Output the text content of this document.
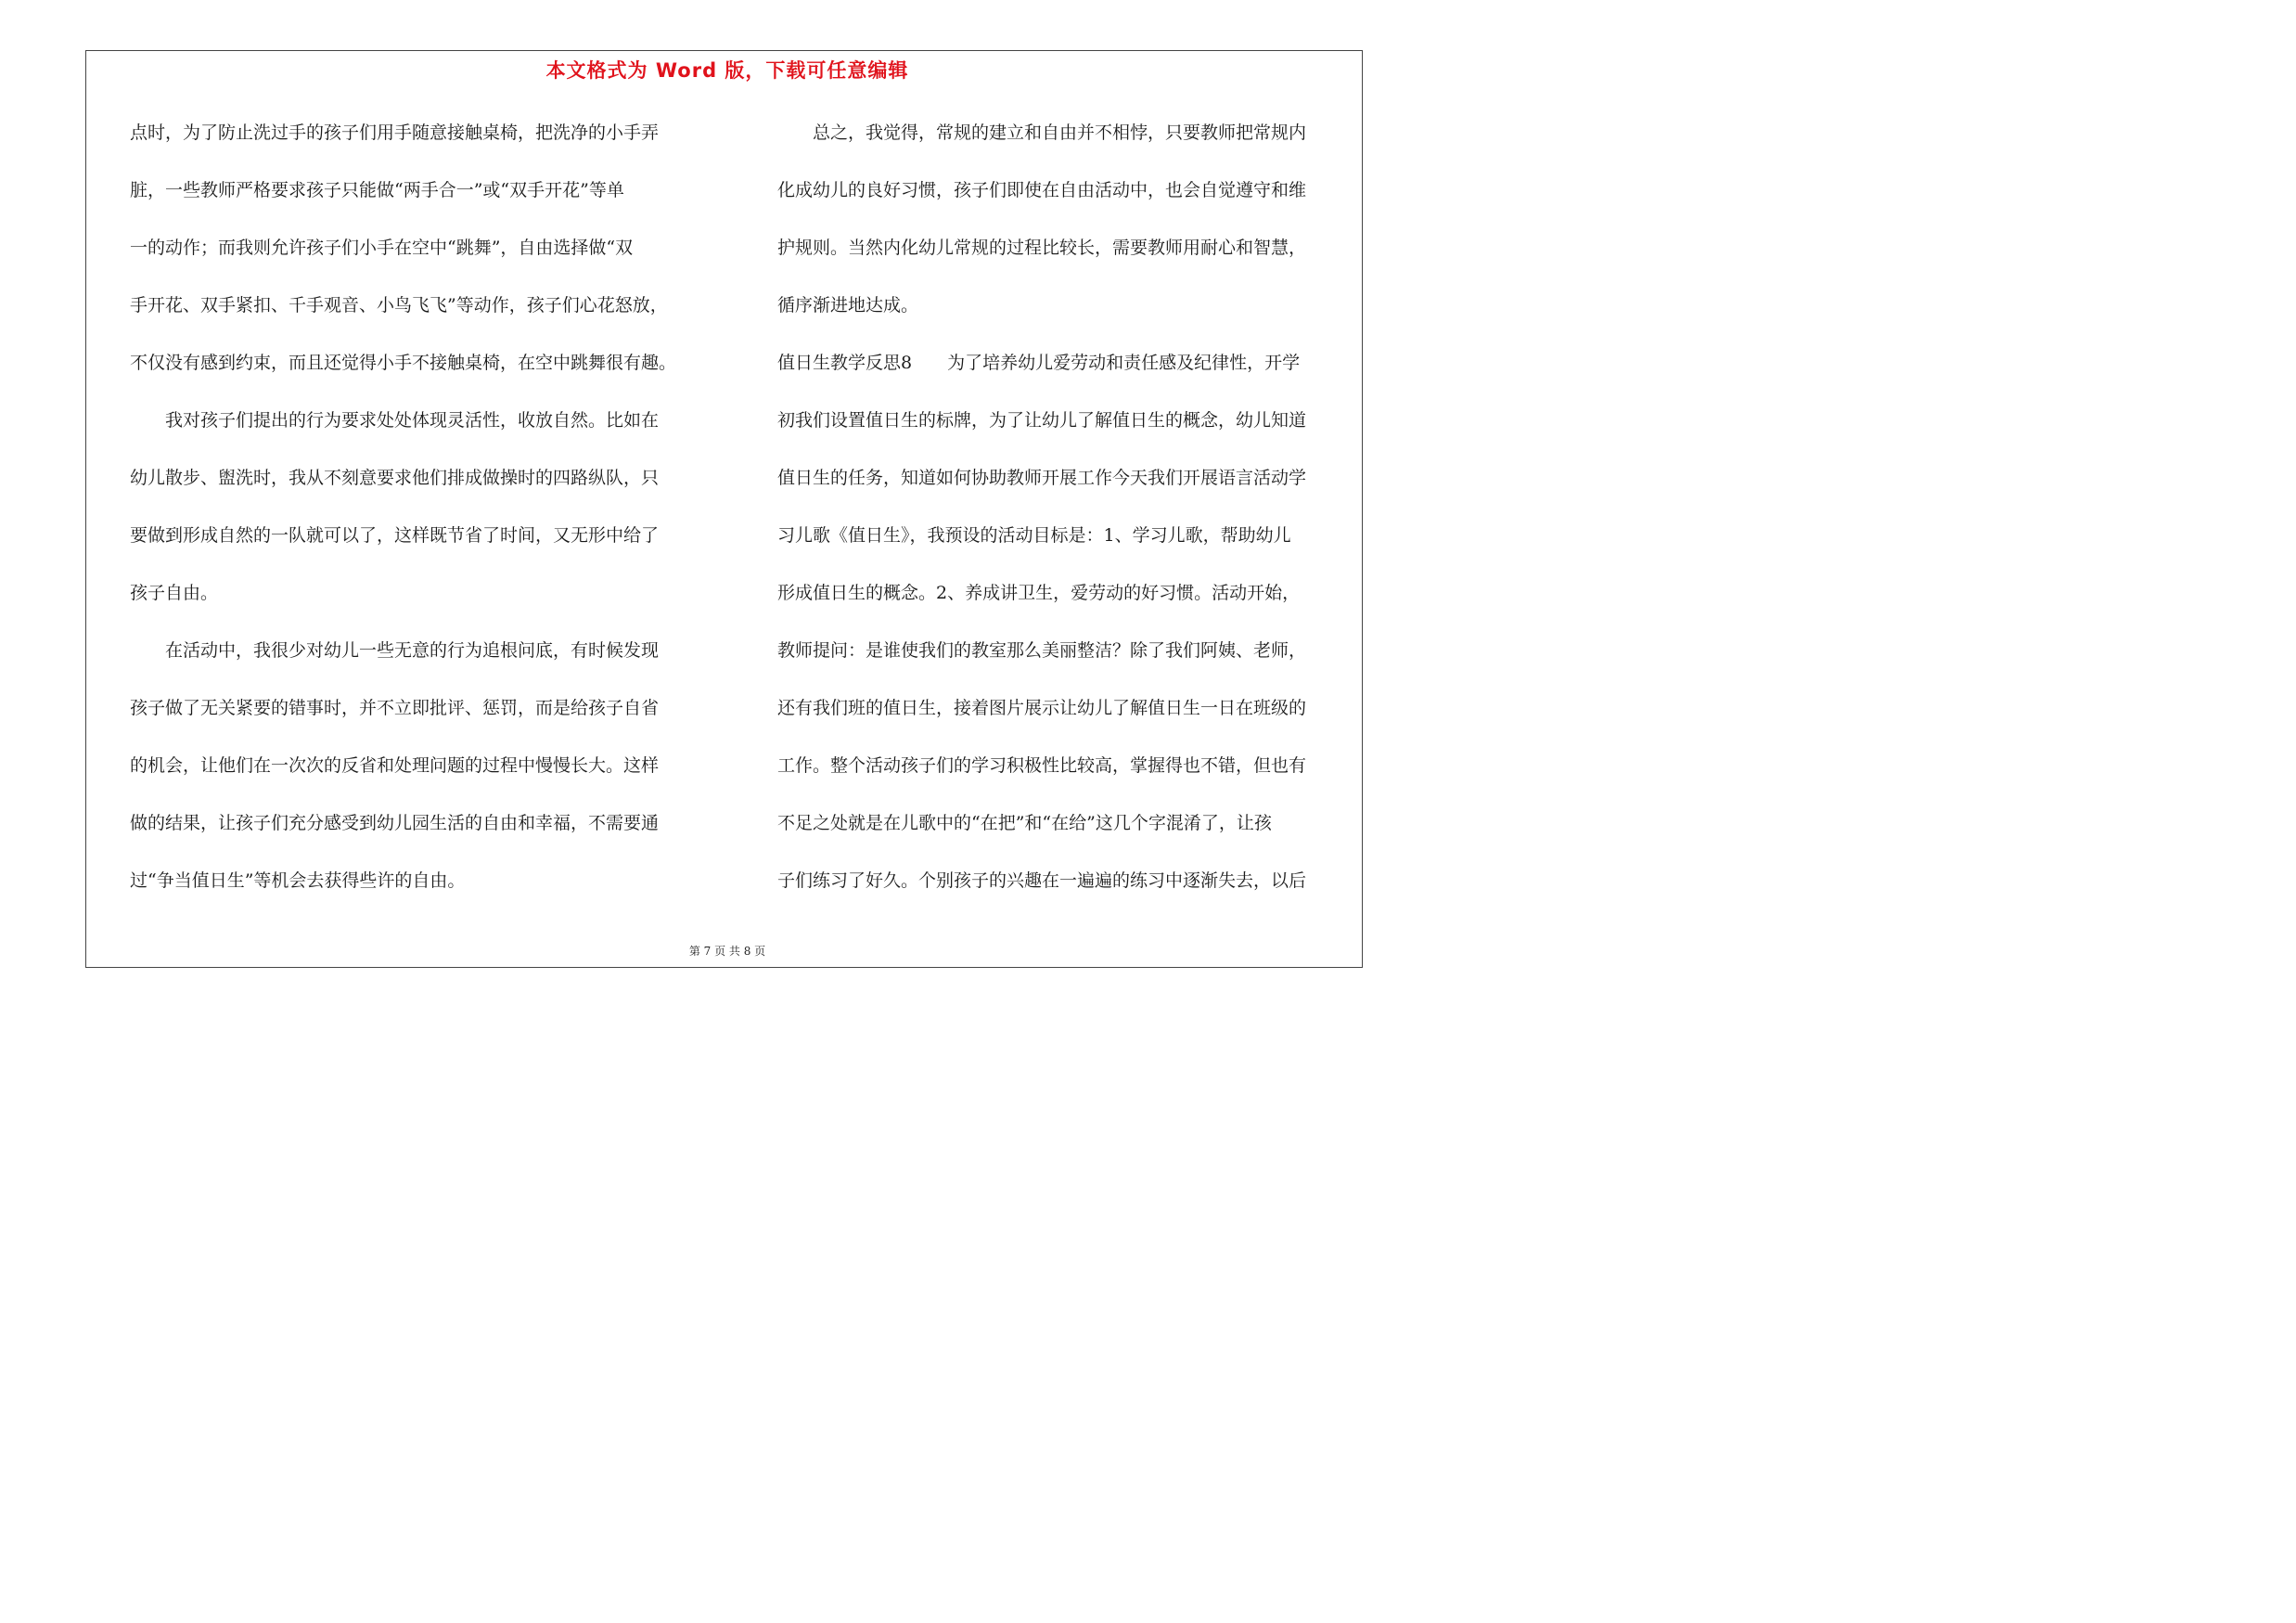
本文格式为 Word 版，下载可任意编辑
点时，为了防止洗过手的孩子们用手随意接触桌椅，把洗净的小手弄
脏，一些教师严格要求孩子只能做“两手合一”或“双手开花”等单
一的动作；而我则允许孩子们小手在空中“跳舞”，自由选择做“双
手开花、双手紧扣、千手观音、小鸟飞飞”等动作，孩子们心花怒放，
不仅没有感到约束，而且还觉得小手不接触桌椅，在空中跳舞很有趣。
　　我对孩子们提出的行为要求处处体现灵活性，收放自然。比如在
幼儿散步、盥洗时，我从不刻意要求他们排成做操时的四路纵队，只
要做到形成自然的一队就可以了，这样既节省了时间，又无形中给了
孩子自由。
　　在活动中，我很少对幼儿一些无意的行为追根问底，有时候发现
孩子做了无关紧要的错事时，并不立即批评、惩罚，而是给孩子自省
的机会，让他们在一次次的反省和处理问题的过程中慢慢长大。这样
做的结果，让孩子们充分感受到幼儿园生活的自由和幸福，不需要通
过“争当值日生”等机会去获得些许的自由。
　　总之，我觉得，常规的建立和自由并不相悖，只要教师把常规内
化成幼儿的良好习惯，孩子们即使在自由活动中，也会自觉遵守和维
护规则。当然内化幼儿常规的过程比较长，需要教师用耐心和智慧，
循序渐进地达成。
值日生教学反思8　　为了培养幼儿爱劳动和责任感及纪律性，开学
初我们设置值日生的标牌，为了让幼儿了解值日生的概念，幼儿知道
值日生的任务，知道如何协助教师开展工作今天我们开展语言活动学
习儿歌《值日生》，我预设的活动目标是：1、学习儿歌，帮助幼儿
形成值日生的概念。2、养成讲卫生，爱劳动的好习惯。活动开始，
教师提问：是谁使我们的教室那么美丽整洁？除了我们阿姨、老师，
还有我们班的值日生，接着图片展示让幼儿了解值日生一日在班级的
工作。整个活动孩子们的学习积极性比较高，掌握得也不错，但也有
不足之处就是在儿歌中的“在把”和“在给”这几个字混淆了，让孩
子们练习了好久。个别孩子的兴趣在一遍遍的练习中逐渐失去，以后
第 7 页 共 8 页
